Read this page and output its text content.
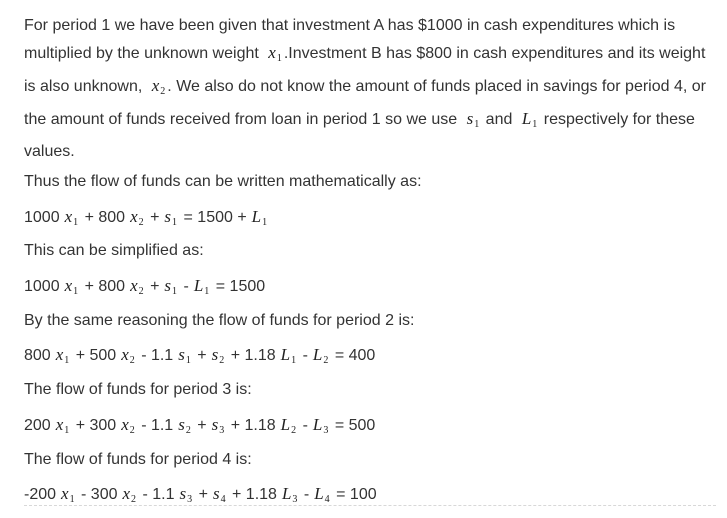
For period 1 we have been given that investment A has $1000 in cash expenditures which is multiplied by the unknown weight $x_1$ .Investment B has $800 in cash expenditures and its weight is also unknown, $x_2$ . We also do not know the amount of funds placed in savings for period 4, or the amount of funds received from loan in period 1 so we use $s_1$ and $L_1$ respectively for these values.

Thus the flow of funds can be written mathematically as:

1000 $x_1 + 800$ $x_2 + s_1 = 1500 + L_1$

This can be simplified as:

1000 $x_1 + 800$ $x_2 + s_1 - L_1 = 1500$

By the same reasoning the flow of funds for period 2 is:

800 $x_1 + 500$ $x_2 - 1.1$ $s_1 + s_2 + 1.18$ $L_1 - L_2 = 400$

The flow of funds for period 3 is:

200 $x_1 + 300$ $x_2 - 1.1$ $s_2 + s_3 + 1.18$ $L_2 - L_3 = 500$

The flow of funds for period 4 is:

-200 $x_1 - 300$ $x_2 - 1.1$ $s_3 + s_4 + 1.18$ $L_3 - L_4 = 100$
